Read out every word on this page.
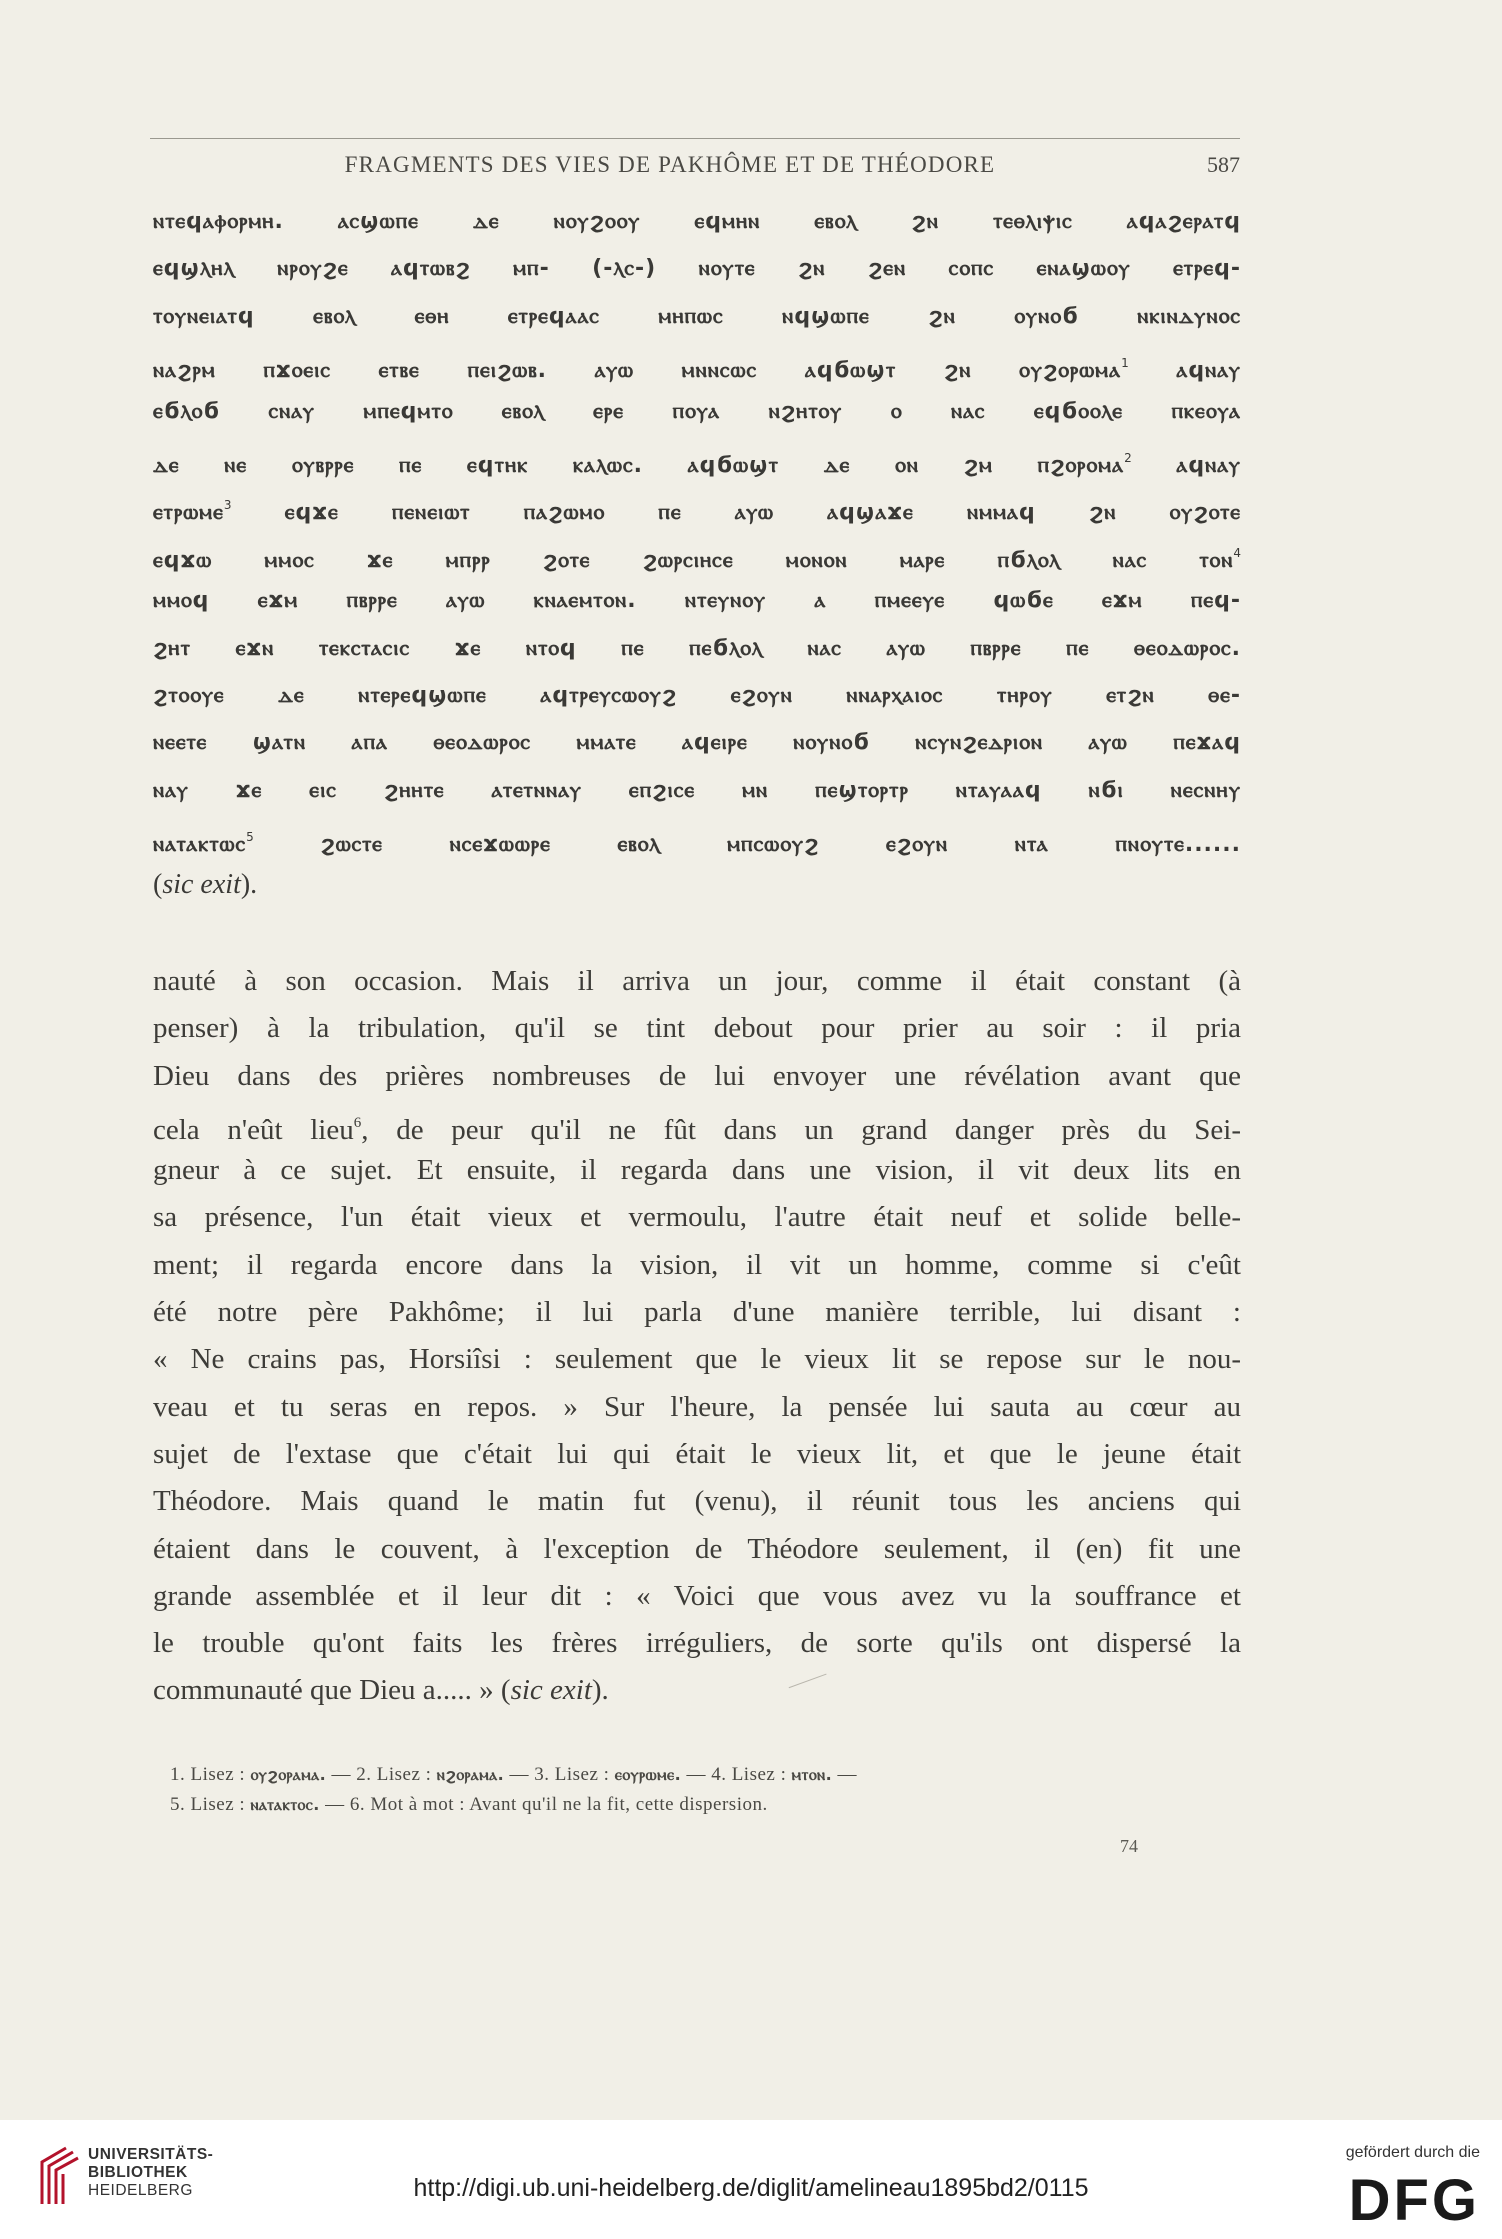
FRAGMENTS DES VIES DE PAKHÔME ET DE THÉODORE	587
ⲛⲧⲉϥⲁⲫⲟⲣⲙⲏ. ⲁⲥϣⲱⲡⲉ ⲇⲉ ⲛⲟⲩϩⲟⲟⲩ ⲉϥⲙⲏⲛ ⲉⲃⲟⲗ ϩⲛ ⲧⲉⲑⲗⲓⲯⲓⲥ ⲁϥⲁϩⲉⲣⲁⲧϥ
ⲉϥϣⲗⲏⲗ ⲛⲣⲟⲩϩⲉ ⲁϥⲧⲱⲃϩ ⲙⲡ- (-ⲗⲥ-) ⲛⲟⲩⲧⲉ ϩⲛ ϩⲉⲛ ⲥⲟⲡⲥ ⲉⲛⲁϣⲱⲟⲩ ⲉⲧⲣⲉϥ-
ⲧⲟⲩⲛⲉⲓⲁⲧϥ ⲉⲃⲟⲗ ⲉⲑⲏ ⲉⲧⲣⲉϥⲁⲁⲥ ⲙⲏⲡⲱⲥ ⲛϥϣⲱⲡⲉ ϩⲛ ⲟⲩⲛⲟϭ ⲛⲕⲓⲛⲇⲩⲛⲟⲥ
ⲛⲁϩⲣⲙ ⲡϫⲟⲉⲓⲥ ⲉⲧⲃⲉ ⲡⲉⲓϩⲱⲃ. ⲁⲩⲱ ⲙⲛⲛⲥⲱⲥ ⲁϥϭⲱϣⲧ ϩⲛ ⲟⲩϩⲟⲣⲱⲙⲁ$^1$ ⲁϥⲛⲁⲩ
ⲉϭⲗⲟϭ ⲥⲛⲁⲩ ⲙⲡⲉϥⲙⲧⲟ ⲉⲃⲟⲗ ⲉⲣⲉ ⲡⲟⲩⲁ ⲛϩⲏⲧⲟⲩ ⲟ ⲛⲁⲥ ⲉϥϭⲟⲟⲗⲉ ⲡⲕⲉⲟⲩⲁ
ⲇⲉ ⲛⲉ ⲟⲩⲃⲣⲣⲉ ⲡⲉ ⲉϥⲧⲏⲕ ⲕⲁⲗⲱⲥ. ⲁϥϭⲱϣⲧ ⲇⲉ ⲟⲛ ϩⲙ ⲡϩⲟⲣⲟⲙⲁ$^2$ ⲁϥⲛⲁⲩ
ⲉⲧⲣⲱⲙⲉ$^3$ ⲉϥϫⲉ ⲡⲉⲛⲉⲓⲱⲧ ⲡⲁϩⲱⲙⲟ ⲡⲉ ⲁⲩⲱ ⲁϥϣⲁϫⲉ ⲛⲙⲙⲁϥ ϩⲛ ⲟⲩϩⲟⲧⲉ
ⲉϥϫⲱ ⲙⲙⲟⲥ ϫⲉ ⲙⲡⲣⲣ ϩⲟⲧⲉ ϩⲱⲣⲥⲓⲏⲥⲉ ⲙⲟⲛⲟⲛ ⲙⲁⲣⲉ ⲡϭⲗⲟⲗ ⲛⲁⲥ ⲧⲟⲛ$^4$
ⲙⲙⲟϥ ⲉϫⲙ ⲡⲃⲣⲣⲉ ⲁⲩⲱ ⲕⲛⲁⲉⲙⲧⲟⲛ. ⲛⲧⲉⲩⲛⲟⲩ ⲁ ⲡⲙⲉⲉⲩⲉ ϥⲱϭⲉ ⲉϫⲙ ⲡⲉϥ-
ϩⲏⲧ ⲉϫⲛ ⲧⲉⲕⲥⲧⲁⲥⲓⲥ ϫⲉ ⲛⲧⲟϥ ⲡⲉ ⲡⲉϭⲗⲟⲗ ⲛⲁⲥ ⲁⲩⲱ ⲡⲃⲣⲣⲉ ⲡⲉ ⲑⲉⲟⲇⲱⲣⲟⲥ.
ϩⲧⲟⲟⲩⲉ ⲇⲉ ⲛⲧⲉⲣⲉϥϣⲱⲡⲉ ⲁϥⲧⲣⲉⲩⲥⲱⲟⲩϩ ⲉϩⲟⲩⲛ ⲛⲛⲁⲣⲭⲁⲓⲟⲥ ⲧⲏⲣⲟⲩ ⲉⲧϩⲛ ⲑⲉ-
ⲛⲉⲉⲧⲉ ϣⲁⲧⲛ ⲁⲡⲁ ⲑⲉⲟⲇⲱⲣⲟⲥ ⲙⲙⲁⲧⲉ ⲁϥⲉⲓⲣⲉ ⲛⲟⲩⲛⲟϭ ⲛⲥⲩⲛϩⲉⲇⲣⲓⲟⲛ ⲁⲩⲱ ⲡⲉϫⲁϥ
ⲛⲁⲩ ϫⲉ ⲉⲓⲥ ϩⲏⲏⲧⲉ ⲁⲧⲉⲧⲛⲛⲁⲩ ⲉⲡϩⲓⲥⲉ ⲙⲛ ⲡⲉϣⲧⲟⲣⲧⲣ ⲛⲧⲁⲩⲁⲁϥ ⲛϭⲓ ⲛⲉⲥⲛⲏⲩ
ⲛⲁⲧⲁⲕⲧⲱⲥ$^5$	ϩⲱⲥⲧⲉ ⲛⲥⲉϫⲱⲱⲣⲉ ⲉⲃⲟⲗ ⲙⲡⲥⲱⲟⲩϩ ⲉϩⲟⲩⲛ ⲛⲧⲁ ⲡⲛⲟⲩⲧⲉ......
(sic exit).
nauté à son occasion. Mais il arriva un jour, comme il était constant (à
penser) à la tribulation, qu'il se tint debout pour prier au soir : il pria
Dieu dans des prières nombreuses de lui envoyer une révélation avant que
cela n'eût lieu$^6$, de peur qu'il ne fût dans un grand danger près du Sei-
gneur à ce sujet. Et ensuite, il regarda dans une vision, il vit deux lits en
sa présence, l'un était vieux et vermoulu, l'autre était neuf et solide belle-
ment; il regarda encore dans la vision, il vit un homme, comme si c'eût
été notre père Pakhôme; il lui parla d'une manière terrible, lui disant :
« Ne crains pas, Horsiîsi : seulement que le vieux lit se repose sur le nou-
veau et tu seras en repos. » Sur l'heure, la pensée lui sauta au cœur au
sujet de l'extase que c'était lui qui était le vieux lit, et que le jeune était
Théodore. Mais quand le matin fut (venu), il réunit tous les anciens qui
étaient dans le couvent, à l'exception de Théodore seulement, il (en) fit une
grande assemblée et il leur dit : « Voici que vous avez vu la souffrance et
le trouble qu'ont faits les frères irréguliers, de sorte qu'ils ont dispersé la
communauté que Dieu a..... » (sic exit).
1. Lisez : ⲟⲩϩⲟⲣⲁⲙⲁ. — 2. Lisez : ⲛϩⲟⲣⲁⲙⲁ. — 3. Lisez : ⲉⲟⲩⲣⲱⲙⲉ. — 4. Lisez : ⲙⲧⲟⲛ. —
5. Lisez : ⲛⲁⲧⲁⲕⲧⲟⲥ. — 6. Mot à mot : Avant qu'il ne la fit, cette dispersion.
74
UNIVERSITÄTS-
BIBLIOTHEK
HEIDELBERG	http://digi.ub.uni-heidelberg.de/diglit/amelineau1895bd2/0115
gefördert durch die
DFG
